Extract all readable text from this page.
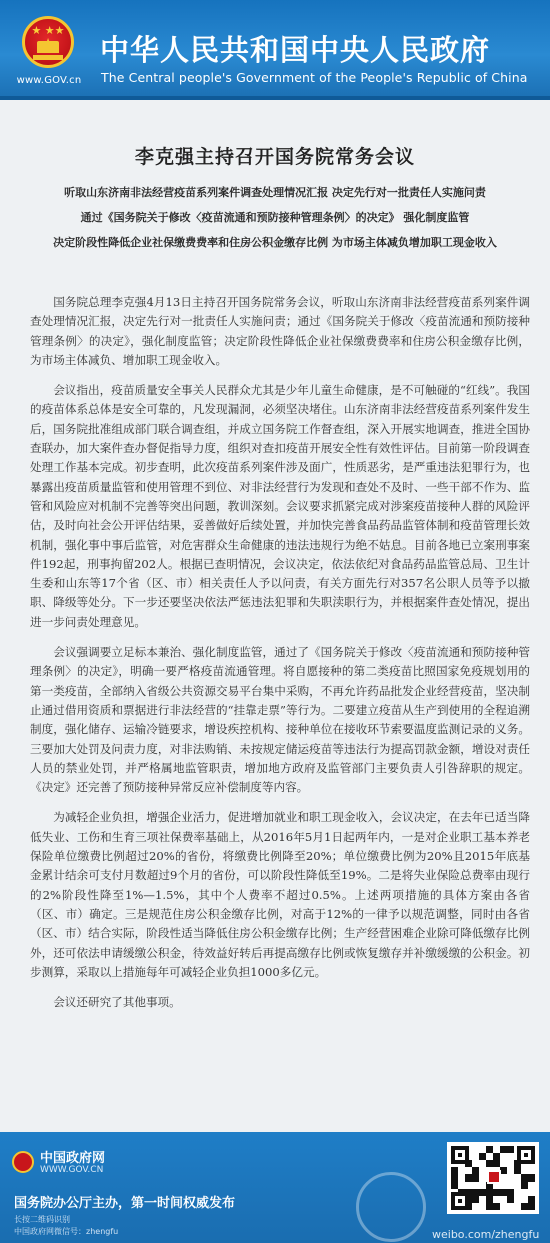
★ ★★
www.GOV.cn
中华人民共和国中央人民政府
The Central people's Government of the People's Republic of China
李克强主持召开国务院常务会议
听取山东济南非法经营疫苗系列案件调查处理情况汇报 决定先行对一批责任人实施问责
通过《国务院关于修改〈疫苗流通和预防接种管理条例〉的决定》 强化制度监管
决定阶段性降低企业社保缴费费率和住房公积金缴存比例 为市场主体减负增加职工现金收入

国务院总理李克强4月13日主持召开国务院常务会议，听取山东济南非法经营疫苗系列案件调查处理情况汇报，决定先行对一批责任人实施问责；通过《国务院关于修改〈疫苗流通和预防接种管理条例〉的决定》，强化制度监管；决定阶段性降低企业社保缴费费率和住房公积金缴存比例，为市场主体减负、增加职工现金收入。

会议指出，疫苗质量安全事关人民群众尤其是少年儿童生命健康，是不可触碰的“红线”。我国的疫苗体系总体是安全可靠的，凡发现漏洞，必须坚决堵住。山东济南非法经营疫苗系列案件发生后，国务院批准组成部门联合调查组，并成立国务院工作督查组，深入开展实地调查，推进全国协查联办，加大案件查办督促指导力度，组织对查扣疫苗开展安全性有效性评估。目前第一阶段调查处理工作基本完成。初步查明，此次疫苗系列案件涉及面广，性质恶劣，是严重违法犯罪行为，也暴露出疫苗质量监管和使用管理不到位、对非法经营行为发现和查处不及时、一些干部不作为、监管和风险应对机制不完善等突出问题，教训深刻。会议要求抓紧完成对涉案疫苗接种人群的风险评估，及时向社会公开评估结果，妥善做好后续处置，并加快完善食品药品监管体制和疫苗管理长效机制，强化事中事后监管，对危害群众生命健康的违法违规行为绝不姑息。目前各地已立案刑事案件192起，刑事拘留202人。根据已查明情况，会议决定，依法依纪对食品药品监管总局、卫生计生委和山东等17个省（区、市）相关责任人予以问责，有关方面先行对357名公职人员等予以撤职、降级等处分。下一步还要坚决依法严惩违法犯罪和失职渎职行为，并根据案件查处情况，提出进一步问责处理意见。

会议强调要立足标本兼治、强化制度监管，通过了《国务院关于修改〈疫苗流通和预防接种管理条例〉的决定》，明确一要严格疫苗流通管理。将自愿接种的第二类疫苗比照国家免疫规划用的第一类疫苗，全部纳入省级公共资源交易平台集中采购，不再允许药品批发企业经营疫苗，坚决制止通过借用资质和票据进行非法经营的“挂靠走票”等行为。二要建立疫苗从生产到使用的全程追溯制度，强化储存、运输冷链要求，增设疾控机构、接种单位在接收环节索要温度监测记录的义务。三要加大处罚及问责力度，对非法购销、未按规定储运疫苗等违法行为提高罚款金额，增设对责任人员的禁业处罚，并严格属地监管职责，增加地方政府及监管部门主要负责人引咎辞职的规定。《决定》还完善了预防接种异常反应补偿制度等内容。

为减轻企业负担，增强企业活力，促进增加就业和职工现金收入，会议决定，在去年已适当降低失业、工伤和生育三项社保费率基础上，从2016年5月1日起两年内，一是对企业职工基本养老保险单位缴费比例超过20%的省份，将缴费比例降至20%；单位缴费比例为20%且2015年底基金累计结余可支付月数超过9个月的省份，可以阶段性降低至19%。二是将失业保险总费率由现行的2%阶段性降至1%—1.5%，其中个人费率不超过0.5%。上述两项措施的具体方案由各省（区、市）确定。三是规范住房公积金缴存比例，对高于12%的一律予以规范调整，同时由各省（区、市）结合实际，阶段性适当降低住房公积金缴存比例；生产经营困难企业除可降低缴存比例外，还可依法申请缓缴公积金，待效益好转后再提高缴存比例或恢复缴存并补缴缓缴的公积金。初步测算，采取以上措施每年可减轻企业负担1000多亿元。

会议还研究了其他事项。

中国政府网
WWW.GOV.CN
国务院办公厅主办，第一时间权威发布
长按二维码识别
中国政府网微信号：zhengfu	weibo.com/zhengfu
